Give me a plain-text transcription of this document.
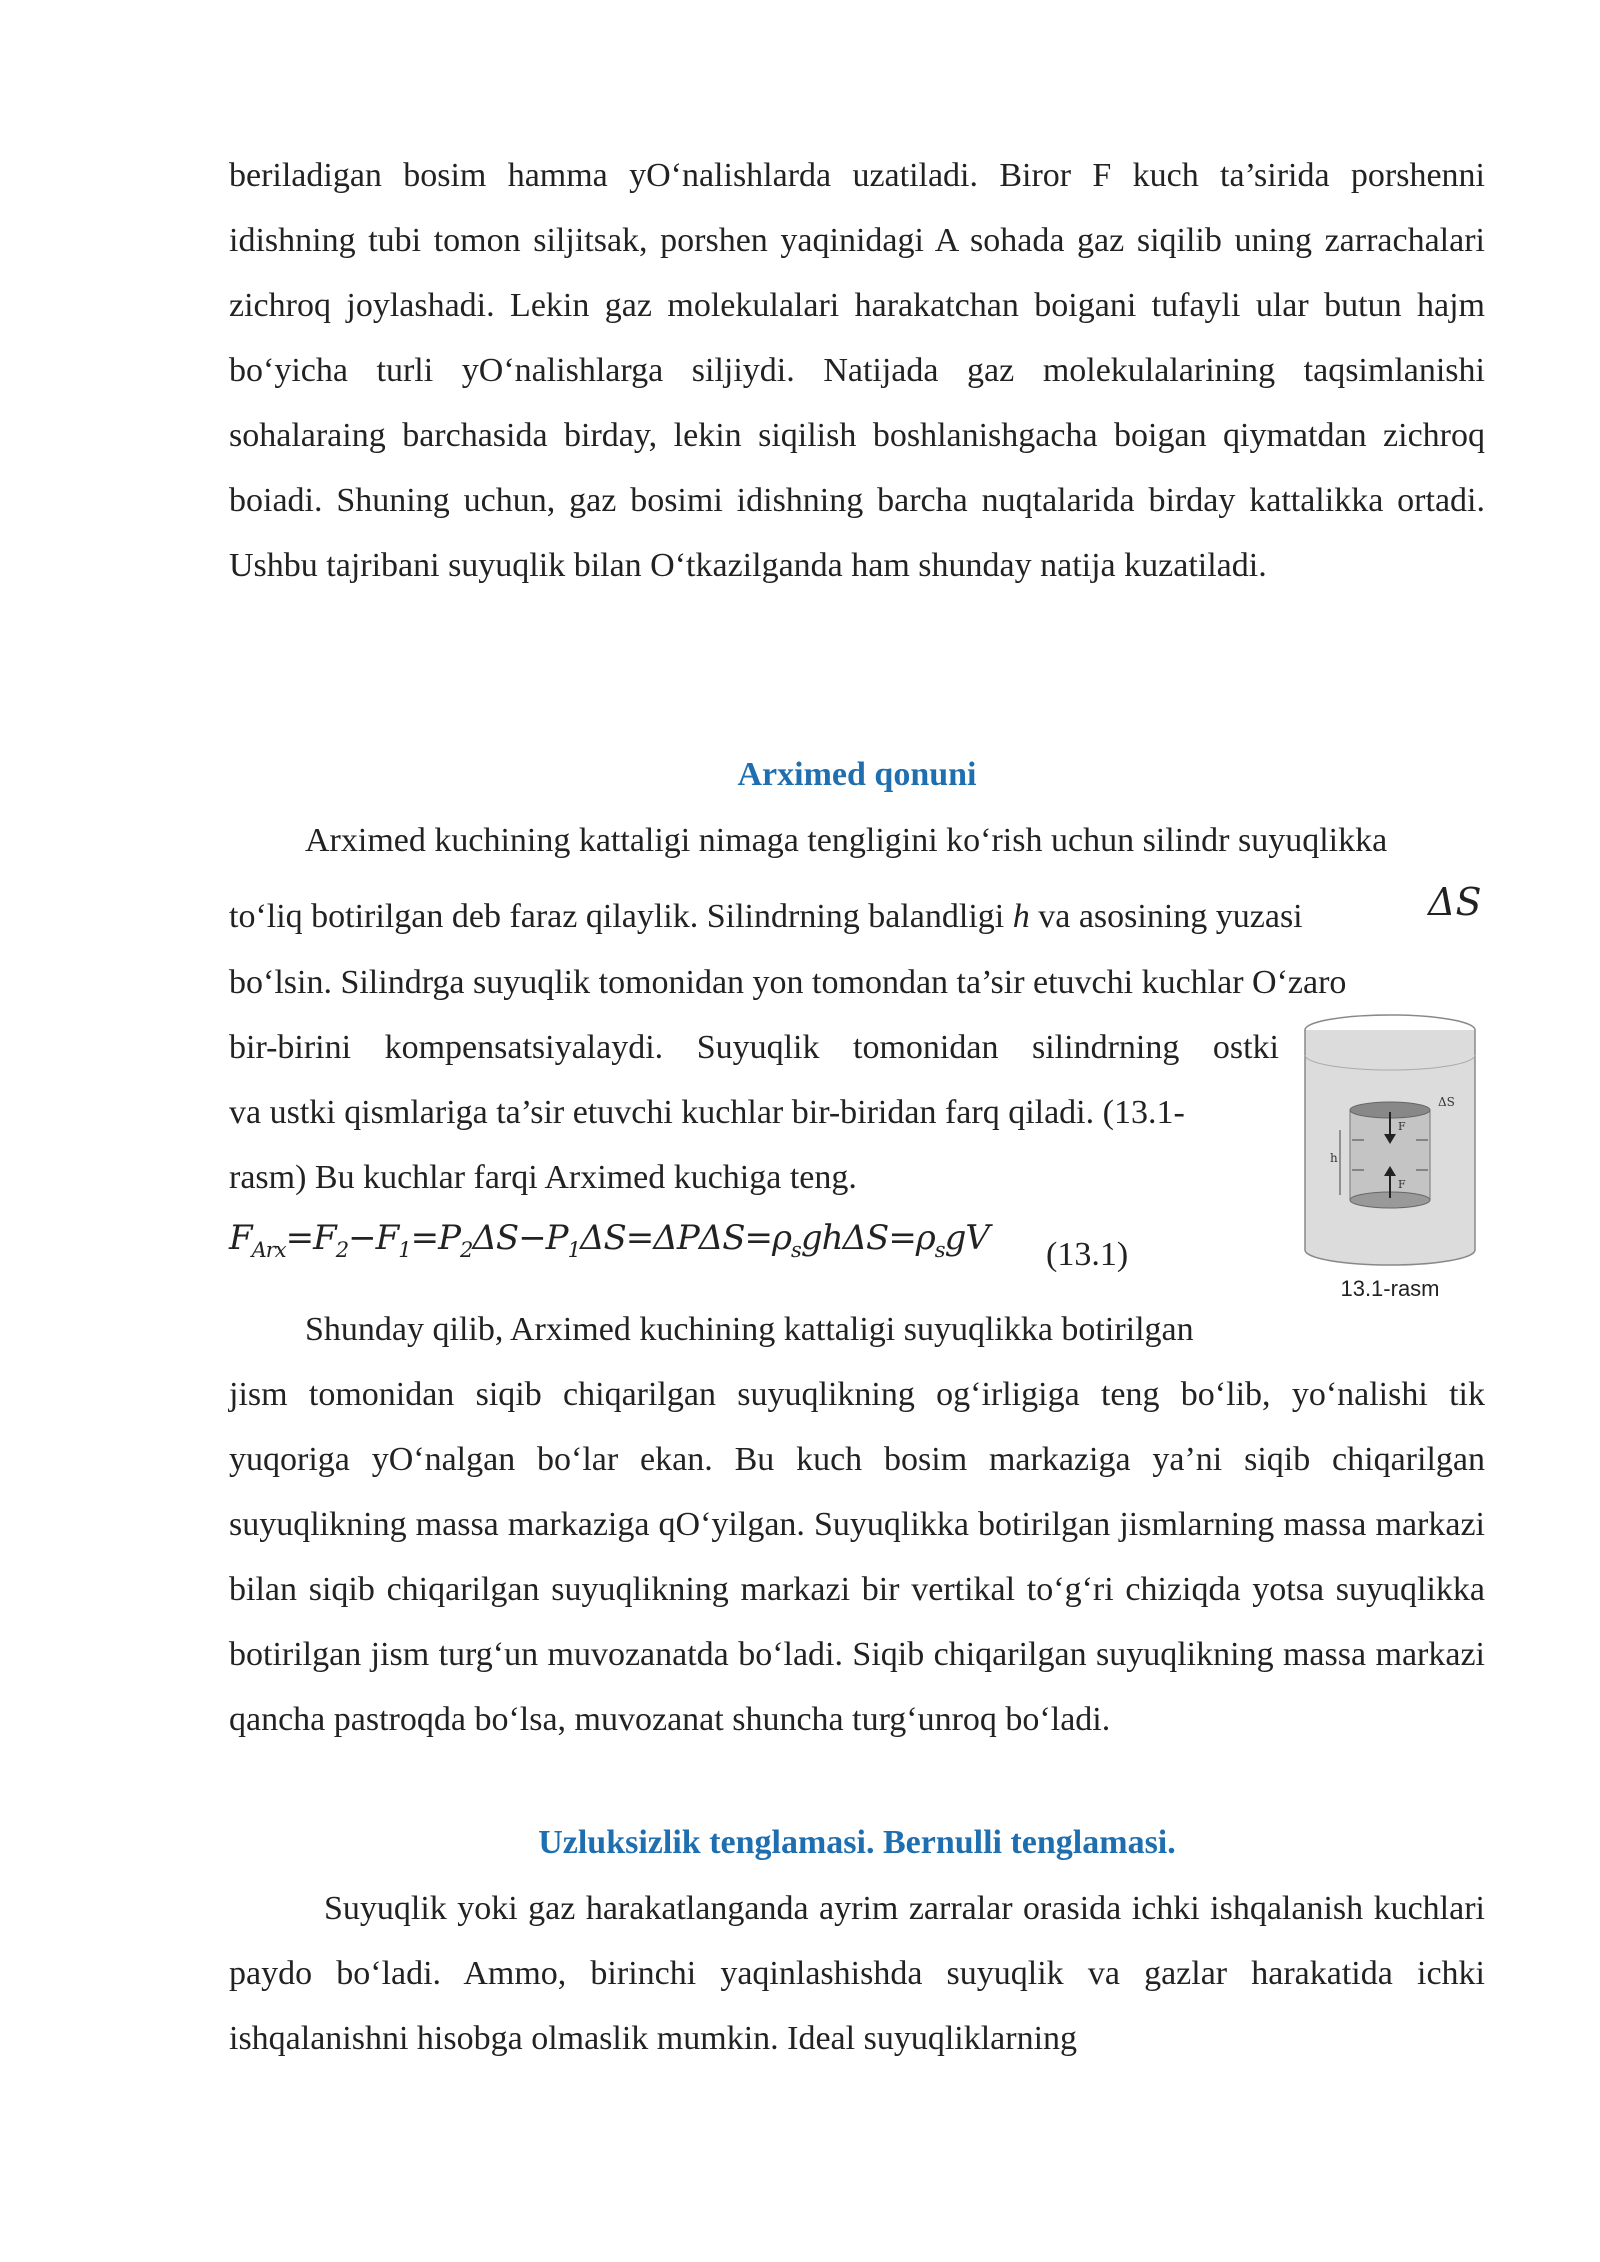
beriladigan bosim hamma yO‘nalishlarda uzatiladi. Biror F kuch ta’sirida porshenni idishning tubi tomon siljitsak, porshen yaqinidagi A sohada gaz siqilib uning zarrachalari zichroq joylashadi. Lekin gaz molekulalari harakatchan boigani tufayli ular butun hajm bo‘yicha turli yO‘nalishlarga siljiydi. Natijada gaz molekulalarining taqsimlanishi sohalaraing barchasida birday, lekin siqilish boshlanishgacha boigan qiymatdan zichroq boiadi. Shuning uchun, gaz bosimi idishning barcha nuqtalarida birday kattalikka ortadi. Ushbu tajribani suyuqlik bilan O‘tkazilganda ham shunday natija kuzatiladi.

Arximed qonuni

Arximed kuchining kattaligi nimaga tengligini ko‘rish uchun silindr suyuqlikka

to‘liq botirilgan deb faraz qilaylik. Silindrning balandligi h va asosining yuzasi	ΔS

bo‘lsin. Silindrga suyuqlik tomonidan yon tomondan ta’sir etuvchi kuchlar O‘zaro

bir-birini kompensatsiyalaydi. Suyuqlik tomonidan silindrning ostki

va ustki qismlariga ta’sir etuvchi kuchlar bir-biridan farq qiladi. (13.1-

rasm) Bu kuchlar farqi Arximed kuchiga teng.

$F_{Arx}=F_2-F_1=P_2\Delta S-P_1\Delta S=\Delta P\Delta S=\rho_sgh\Delta S=\rho_sgV$ (13.1)
ΔS
h
F
F
13.1-rasm

Shunday qilib, Arximed kuchining kattaligi suyuqlikka botirilgan

jism tomonidan siqib chiqarilgan suyuqlikning og‘irligiga teng bo‘lib, yo‘nalishi tik yuqoriga yO‘nalgan bo‘lar ekan. Bu kuch bosim markaziga ya’ni siqib chiqarilgan suyuqlikning massa markaziga qO‘yilgan. Suyuqlikka botirilgan jismlarning massa markazi bilan siqib chiqarilgan suyuqlikning markazi bir vertikal to‘g‘ri chiziqda yotsa suyuqlikka botirilgan jism turg‘un muvozanatda bo‘ladi. Siqib chiqarilgan suyuqlikning massa markazi qancha pastroqda bo‘lsa, muvozanat shuncha turg‘unroq bo‘ladi.

Uzluksizlik tenglamasi. Bernulli tenglamasi.

Suyuqlik yoki gaz harakatlanganda ayrim zarralar orasida ichki ishqalanish kuchlari paydo bo‘ladi. Ammo, birinchi yaqinlashishda suyuqlik va gazlar harakatida ichki ishqalanishni hisobga olmaslik mumkin. Ideal suyuqliklarning
